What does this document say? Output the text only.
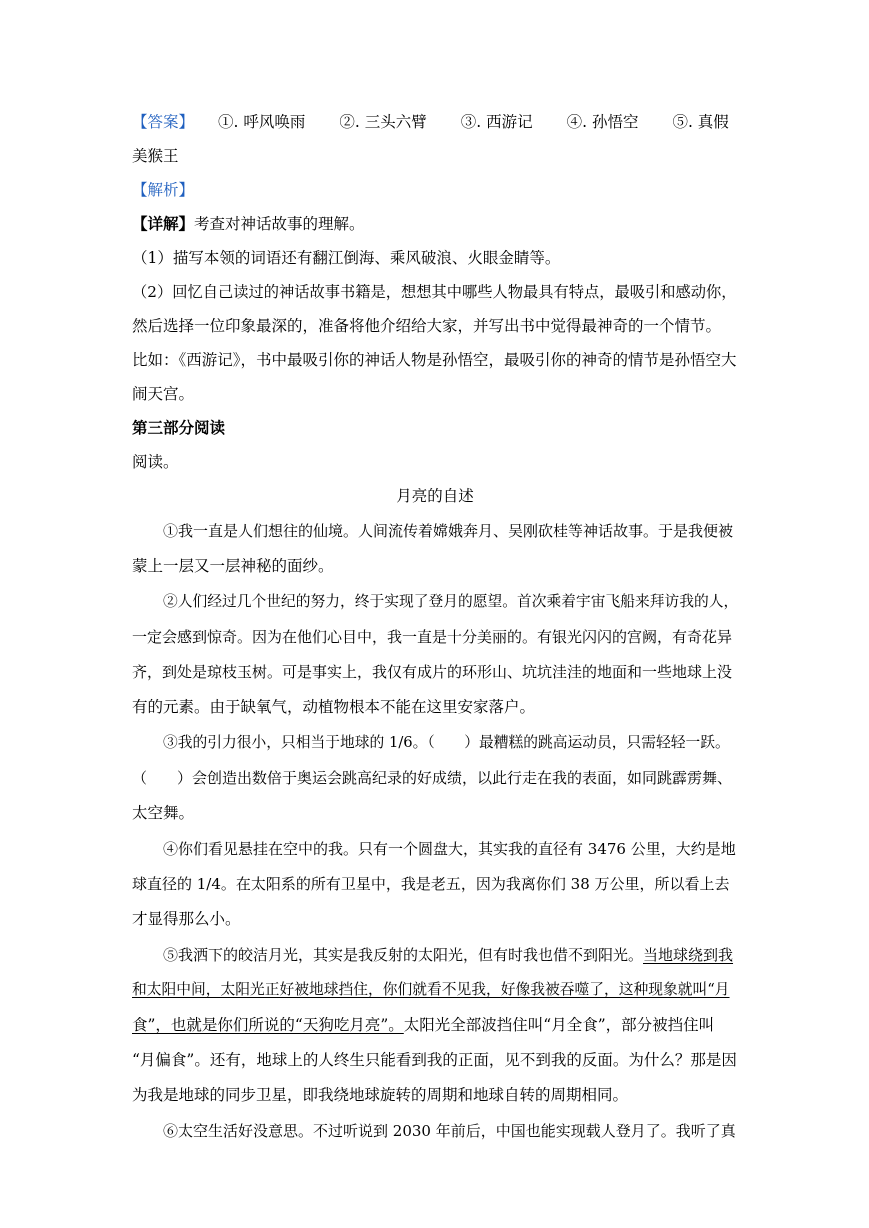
【答案】 ①. 呼风唤雨 ②. 三头六臂 ③. 西游记 ④. 孙悟空 ⑤. 真假
美猴王
【解析】
【详解】考查对神话故事的理解。
（1）描写本领的词语还有翻江倒海、乘风破浪、火眼金睛等。
（2）回忆自己读过的神话故事书籍是，想想其中哪些人物最具有特点，最吸引和感动你，
然后选择一位印象最深的，准备将他介绍给大家，并写出书中觉得最神奇的一个情节。
比如：《西游记》，书中最吸引你的神话人物是孙悟空，最吸引你的神奇的情节是孙悟空大
闹天宫。
第三部分阅读
阅读。
月亮的自述
①我一直是人们想往的仙境。人间流传着嫦娥奔月、吴刚砍桂等神话故事。于是我便被
蒙上一层又一层神秘的面纱。
②人们经过几个世纪的努力，终于实现了登月的愿望。首次乘着宇宙飞船来拜访我的人，
一定会感到惊奇。因为在他们心目中，我一直是十分美丽的。有银光闪闪的宫阙，有奇花异
齐，到处是琼枝玉树。可是事实上，我仅有成片的环形山、坑坑洼洼的地面和一些地球上没
有的元素。由于缺氧气，动植物根本不能在这里安家落户。
③我的引力很小，只相当于地球的 1/6。（　　）最糟糕的跳高运动员，只需轻轻一跃。
（　　）会创造出数倍于奥运会跳高纪录的好成绩，以此行走在我的表面，如同跳霹雳舞、
太空舞。
④你们看见悬挂在空中的我。只有一个圆盘大，其实我的直径有 3476 公里，大约是地
球直径的 1/4。在太阳系的所有卫星中，我是老五，因为我离你们 38 万公里，所以看上去
才显得那么小。
⑤我洒下的皎洁月光，其实是我反射的太阳光，但有时我也借不到阳光。当地球绕到我
和太阳中间，太阳光正好被地球挡住，你们就看不见我，好像我被吞噬了，这种现象就叫“月
食”，也就是你们所说的“天狗吃月亮”。太阳光全部波挡住叫“月全食”，部分被挡住叫
“月偏食”。还有，地球上的人终生只能看到我的正面，见不到我的反面。为什么？那是因
为我是地球的同步卫星，即我绕地球旋转的周期和地球自转的周期相同。
⑥太空生活好没意思。不过听说到 2030 年前后，中国也能实现载人登月了。我听了真
